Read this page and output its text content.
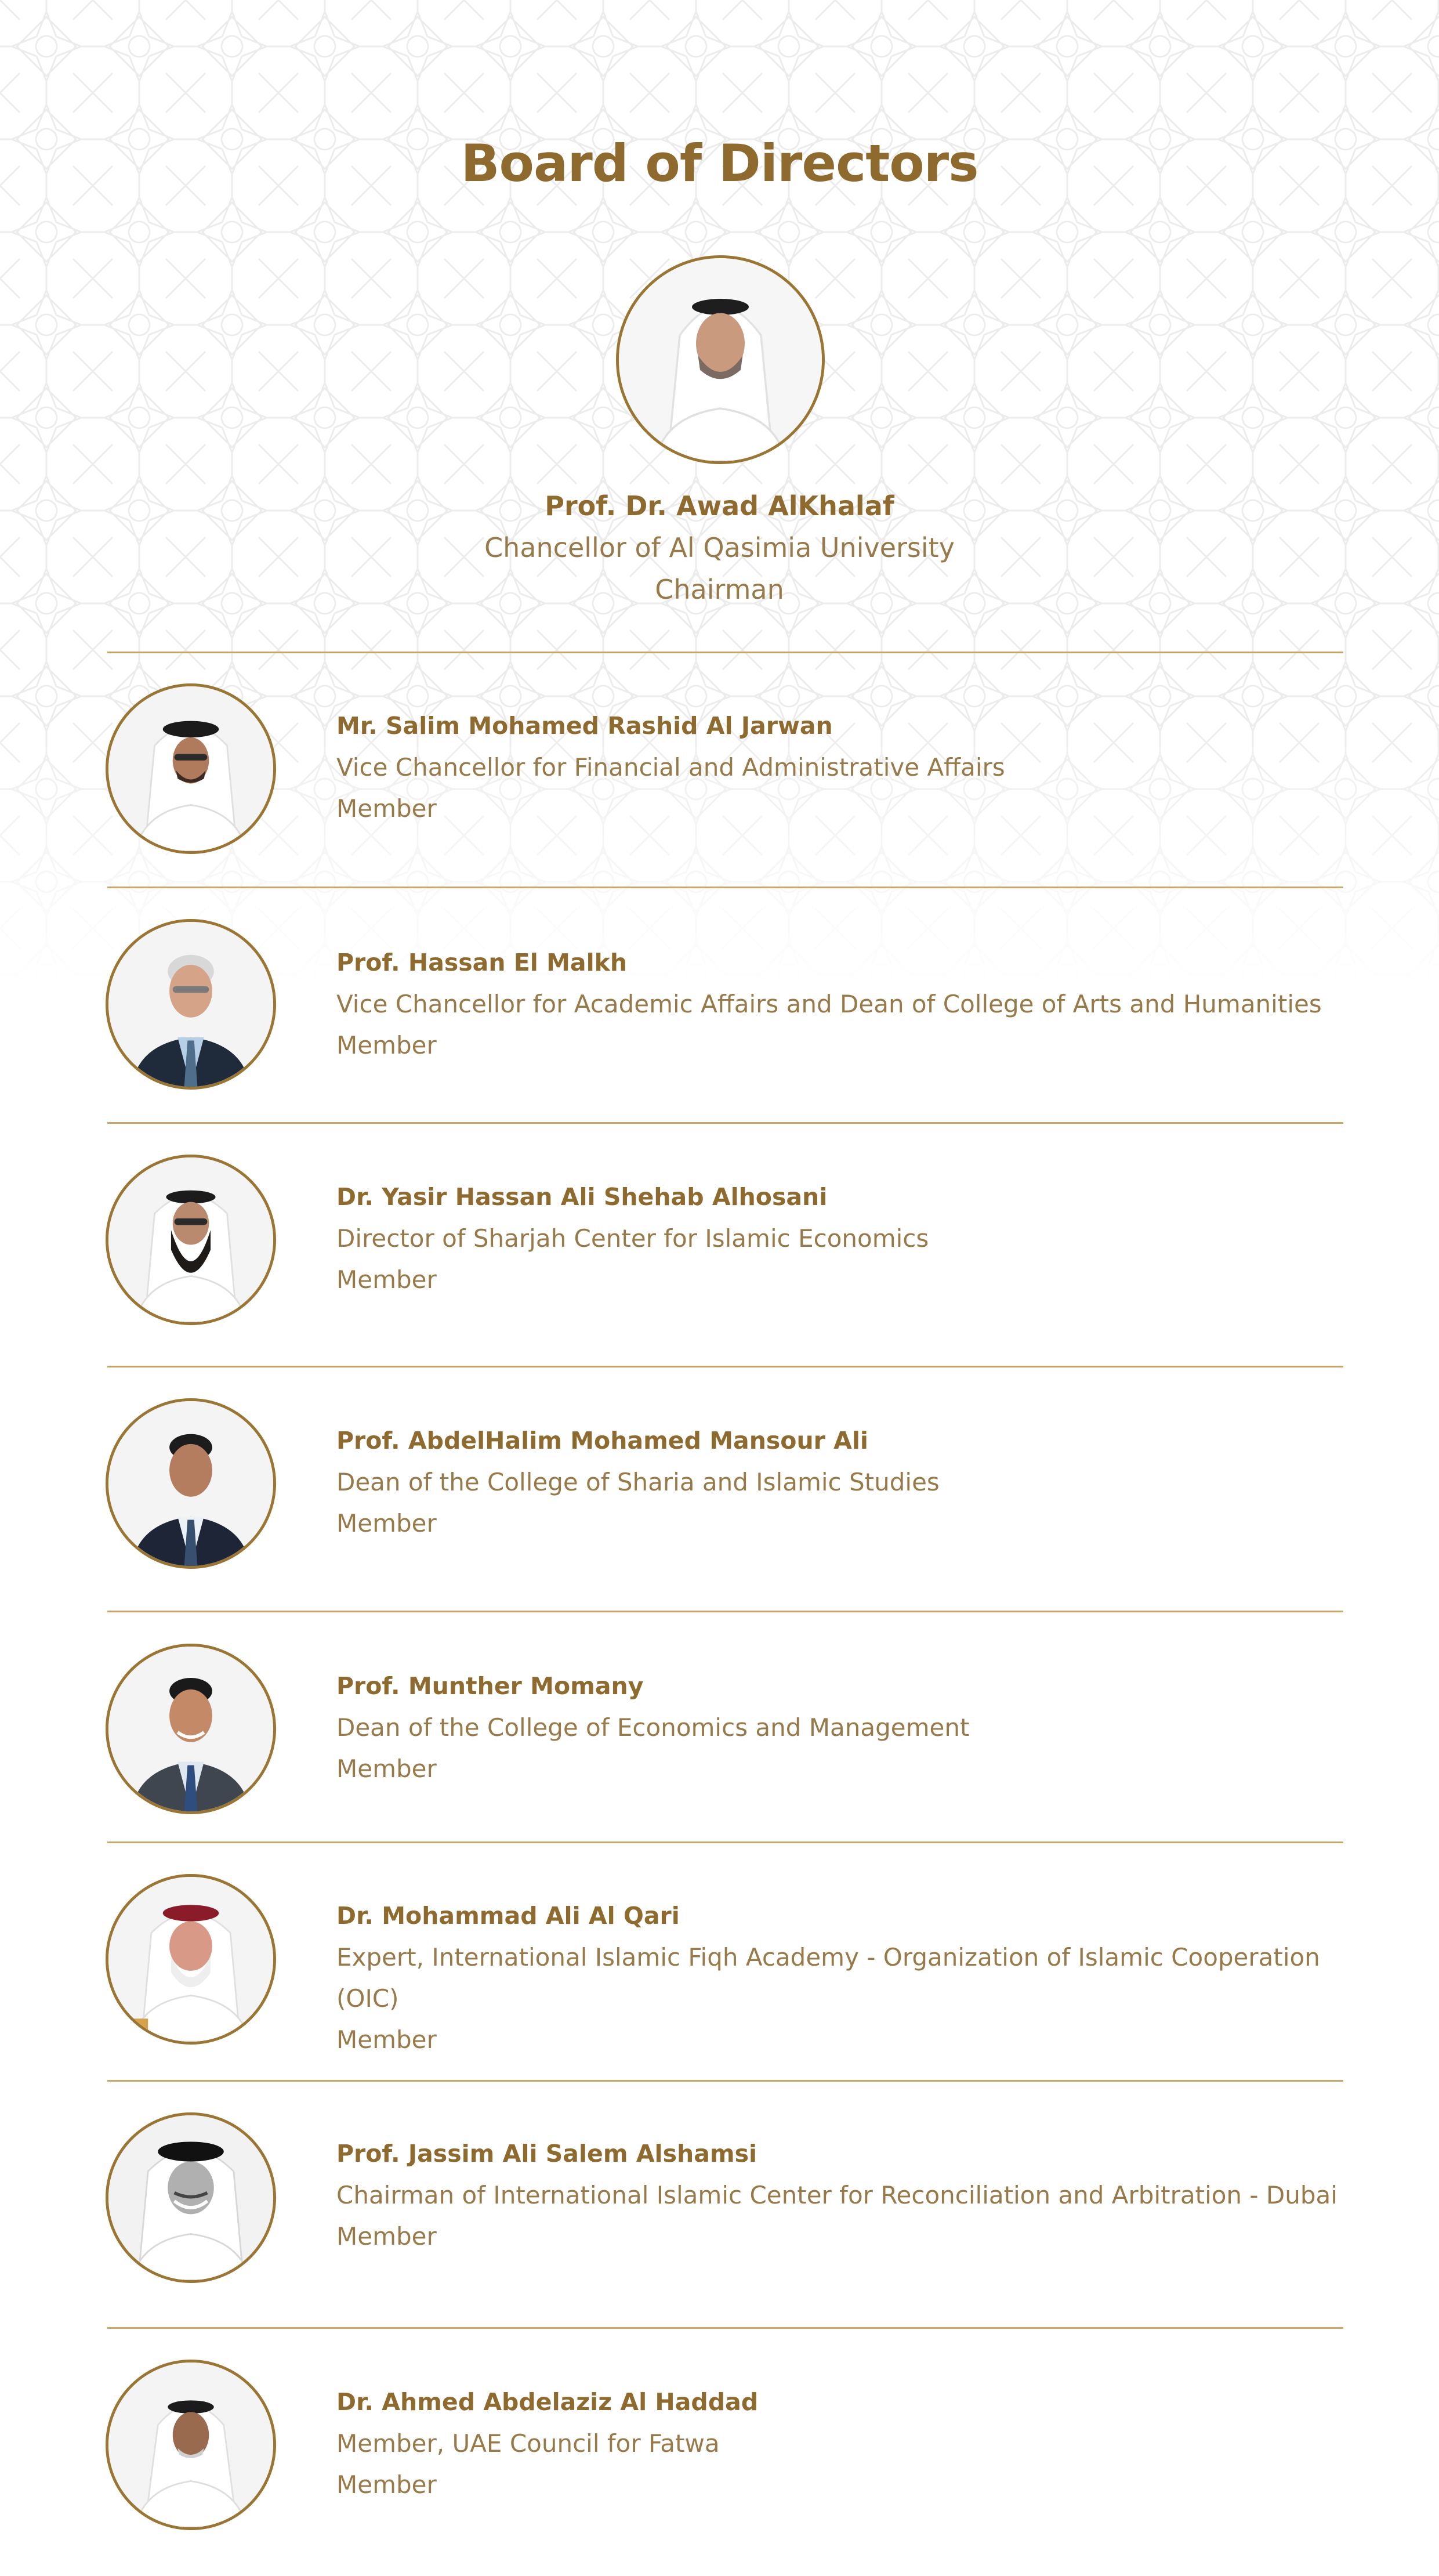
Board of Directors
Prof. Dr. Awad AlKhalaf
Chancellor of Al Qasimia University
Chairman
Mr. Salim Mohamed Rashid Al Jarwan
Vice Chancellor for Financial and Administrative Affairs
Member
Prof. Hassan El Malkh
Vice Chancellor for Academic Affairs and Dean of College of Arts and Humanities
Member
Dr. Yasir Hassan Ali Shehab Alhosani
Director of Sharjah Center for Islamic Economics
Member
Prof. AbdelHalim Mohamed Mansour Ali
Dean of the College of Sharia and Islamic Studies
Member
Prof. Munther Momany
Dean of the College of Economics and Management
Member
Dr. Mohammad Ali Al Qari
Expert, International Islamic Fiqh Academy - Organization of Islamic Cooperation (OIC)
Member
Prof. Jassim Ali Salem Alshamsi
Chairman of International Islamic Center for Reconciliation and Arbitration - Dubai
Member
Dr. Ahmed Abdelaziz Al Haddad
Member, UAE Council for Fatwa
Member
